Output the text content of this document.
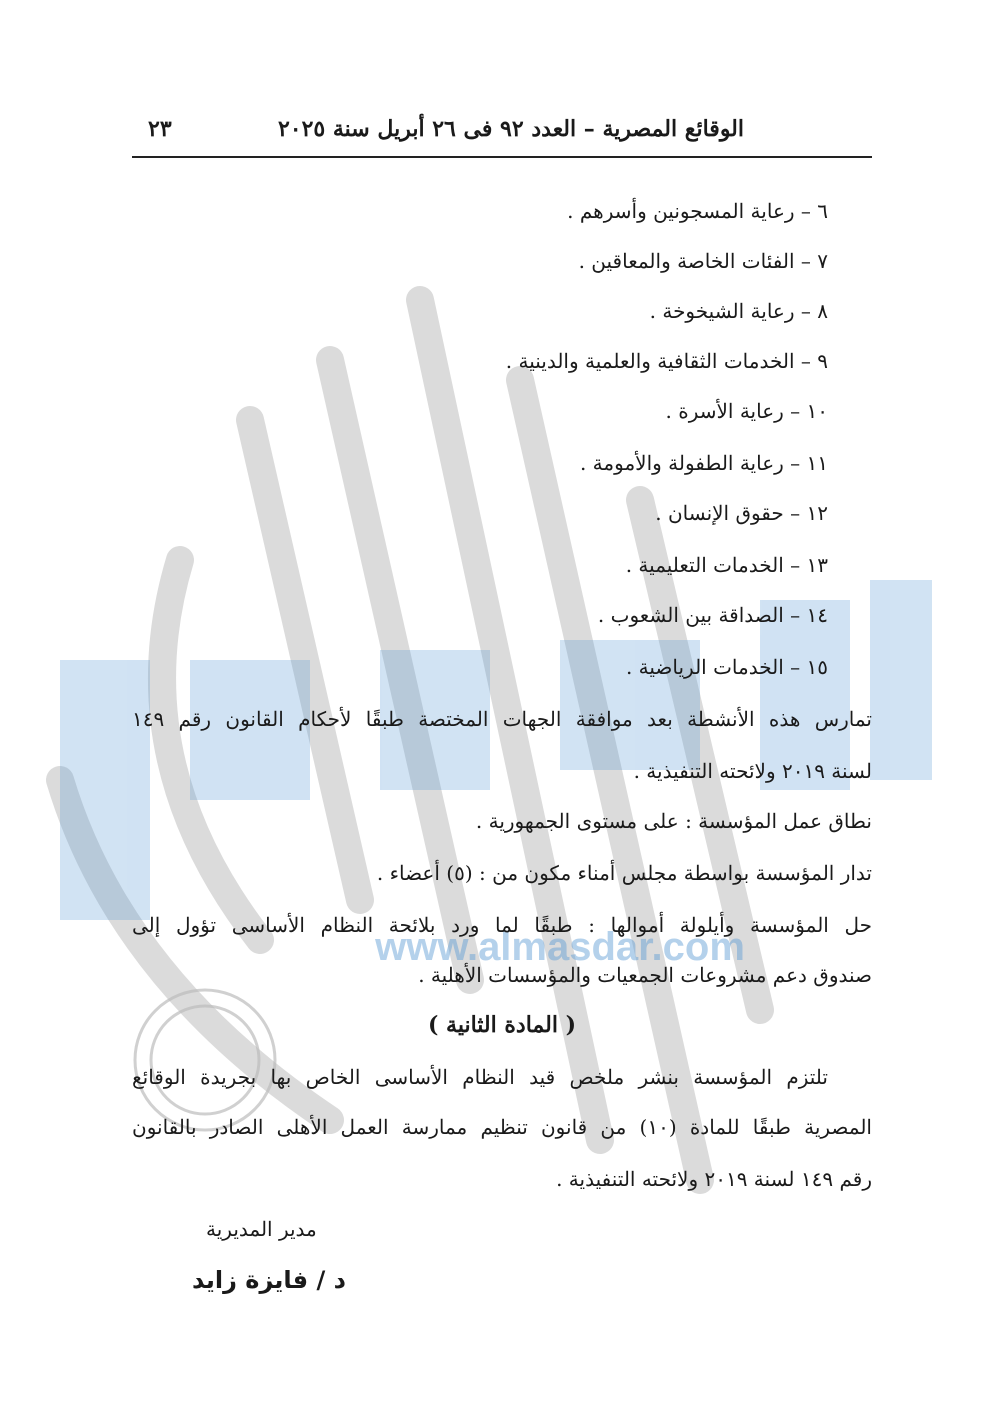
www.almasdar.com
الوقائع المصرية – العدد ٩٢ فى ٢٦ أبريل سنة ٢٠٢٥
٢٣
٦ – رعاية المسجونين وأسرهم .
٧ – الفئات الخاصة والمعاقين .
٨ – رعاية الشيخوخة .
٩ – الخدمات الثقافية والعلمية والدينية .
١٠ – رعاية الأسرة .
١١ – رعاية الطفولة والأمومة .
١٢ – حقوق الإنسان .
١٣ – الخدمات التعليمية .
١٤ – الصداقة بين الشعوب .
١٥ – الخدمات الرياضية .
تمارس هذه الأنشطة بعد موافقة الجهات المختصة طبقًا لأحكام القانون رقم ١٤٩
لسنة ٢٠١٩ ولائحته التنفيذية .
نطاق عمل المؤسسة : على مستوى الجمهورية .
تدار المؤسسة بواسطة مجلس أمناء مكون من : (٥) أعضاء .
حل المؤسسة وأيلولة أموالها : طبقًا لما ورد بلائحة النظام الأساسى تؤول إلى
صندوق دعم مشروعات الجمعيات والمؤسسات الأهلية .
( المادة الثانية )
تلتزم المؤسسة بنشر ملخص قيد النظام الأساسى الخاص بها بجريدة الوقائع
المصرية طبقًا للمادة (١٠) من قانون تنظيم ممارسة العمل الأهلى الصادر بالقانون
رقم ١٤٩ لسنة ٢٠١٩ ولائحته التنفيذية .
مدير المديرية
د / فايزة زايد
